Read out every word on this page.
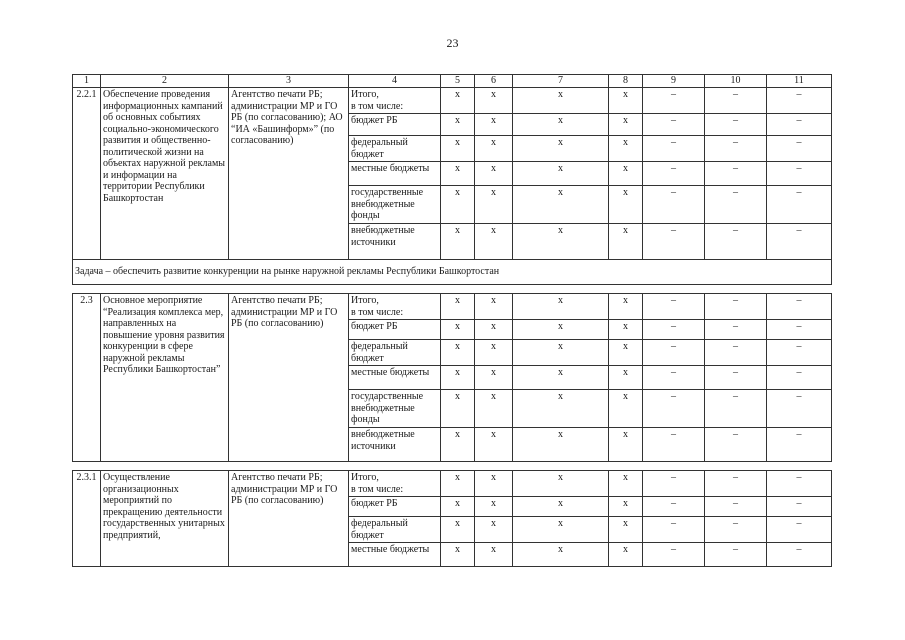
23
1	2	3	4	5	6	7	8	9	10	11
2.2.1	Обеспечение проведения информационных кампаний об основных событиях социально-экономического развития и общественно-политической жизни на объектах наружной рекламы и информации на территории Республики Башкортостан	Агентство печати РБ; администрации МР и ГО РБ (по согласованию); АО “ИА «Башинформ»” (по согласованию)	Итого,
в том числе:	х	х	х	х	–	–	–
			бюджет РБ	х	х	х	х	–	–	–
			федеральный бюджет	х	х	х	х	–	–	–
			местные бюджеты	х	х	х	х	–	–	–
			государственные внебюджетные фонды	х	х	х	х	–	–	–
			внебюджетные источники	х	х	х	х	–	–	–
Задача – обеспечить развитие конкуренции на рынке наружной рекламы Республики Башкортостан										

2.3	Основное мероприятие “Реализация комплекса мер, направленных на повышение уровня развития конкуренции в сфере наружной рекламы Республики Башкортостан”	Агентство печати РБ; администрации МР и ГО РБ (по согласованию)	Итого,
в том числе:	х	х	х	х	–	–	–
			бюджет РБ	х	х	х	х	–	–	–
			федеральный бюджет	х	х	х	х	–	–	–
			местные бюджеты	х	х	х	х	–	–	–
			государственные внебюджетные фонды	х	х	х	х	–	–	–
			внебюджетные источники	х	х	х	х	–	–	–

2.3.1	Осуществление организационных мероприятий по прекращению деятельности государственных унитарных предприятий,	Агентство печати РБ; администрации МР и ГО РБ (по согласованию)	Итого,
в том числе:	х	х	х	х	–	–	–
			бюджет РБ	х	х	х	х	–	–	–
			федеральный бюджет	х	х	х	х	–	–	–
			местные бюджеты	х	х	х	х	–	–	–
